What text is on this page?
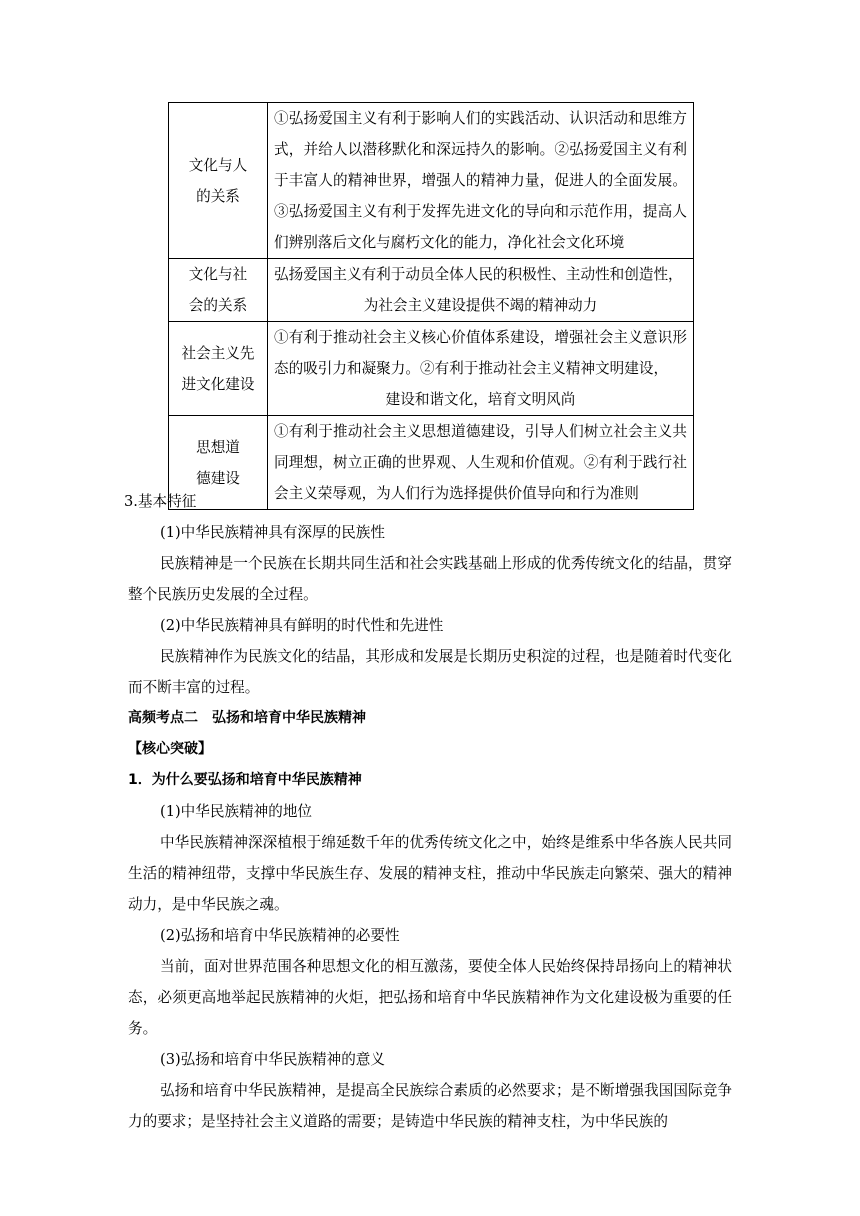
文化与人
的关系	①弘扬爱国主义有利于影响人们的实践活动、认识活动和思维方式，并给人以潜移默化和深远持久的影响。②弘扬爱国主义有利于丰富人的精神世界，增强人的精神力量，促进人的全面发展。③弘扬爱国主义有利于发挥先进文化的导向和示范作用，提高人们辨别落后文化与腐朽文化的能力，净化社会文化环境
文化与社
会的关系	弘扬爱国主义有利于动员全体人民的积极性、主动性和创造性，
为社会主义建设提供不竭的精神动力

社会主义先
进文化建设	①有利于推动社会主义核心价值体系建设，增强社会主义意识形态的吸引力和凝聚力。②有利于推动社会主义精神文明建设，
建设和谐文化，培育文明风尚

思想道
德建设	①有利于推动社会主义思想道德建设，引导人们树立社会主义共同理想，树立正确的世界观、人生观和价值观。②有利于践行社会主义荣辱观，为人们行为选择提供价值导向和行为准则

3.基本特征

(1)中华民族精神具有深厚的民族性

民族精神是一个民族在长期共同生活和社会实践基础上形成的优秀传统文化的结晶，贯穿整个民族历史发展的全过程。

(2)中华民族精神具有鲜明的时代性和先进性

民族精神作为民族文化的结晶，其形成和发展是长期历史积淀的过程，也是随着时代变化而不断丰富的过程。

高频考点二　弘扬和培育中华民族精神

【核心突破】

1．为什么要弘扬和培育中华民族精神

(1)中华民族精神的地位

中华民族精神深深植根于绵延数千年的优秀传统文化之中，始终是维系中华各族人民共同生活的精神纽带，支撑中华民族生存、发展的精神支柱，推动中华民族走向繁荣、强大的精神动力，是中华民族之魂。

(2)弘扬和培育中华民族精神的必要性

当前，面对世界范围各种思想文化的相互激荡，要使全体人民始终保持昂扬向上的精神状态，必须更高地举起民族精神的火炬，把弘扬和培育中华民族精神作为文化建设极为重要的任务。

(3)弘扬和培育中华民族精神的意义

弘扬和培育中华民族精神，是提高全民族综合素质的必然要求；是不断增强我国国际竞争力的要求；是坚持社会主义道路的需要；是铸造中华民族的精神支柱，为中华民族的
